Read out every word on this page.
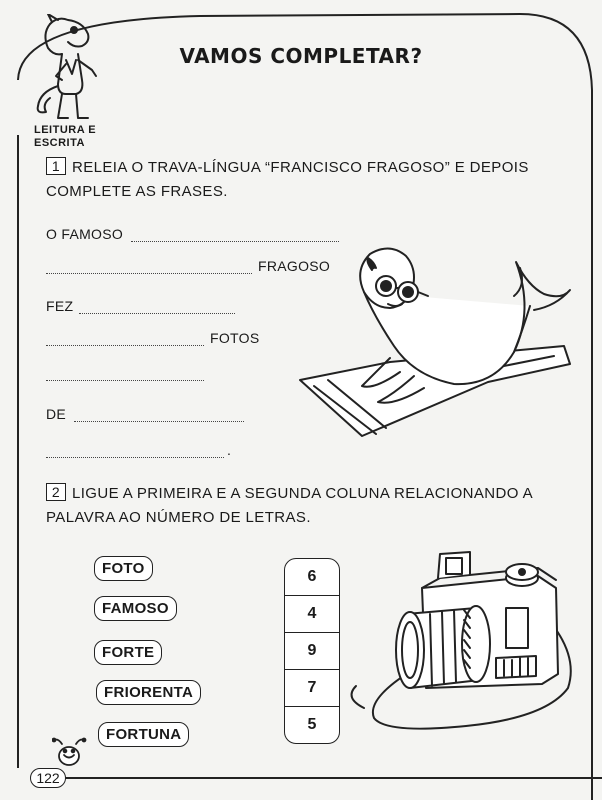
LEITURA E
ESCRITA
VAMOS COMPLETAR?
1 RELEIA O TRAVA-LÍNGUA “FRANCISCO FRAGOSO” E DEPOIS COMPLETE AS FRASES.
O FAMOSO
FRAGOSO
FEZ
FOTOS
DE
.
2 LIGUE A PRIMEIRA E A SEGUNDA COLUNA RELACIONANDO A PALAVRA AO NÚMERO DE LETRAS.
FOTO
FAMOSO
FORTE
FRIORENTA
FORTUNA
6
4
9
7
5
122
